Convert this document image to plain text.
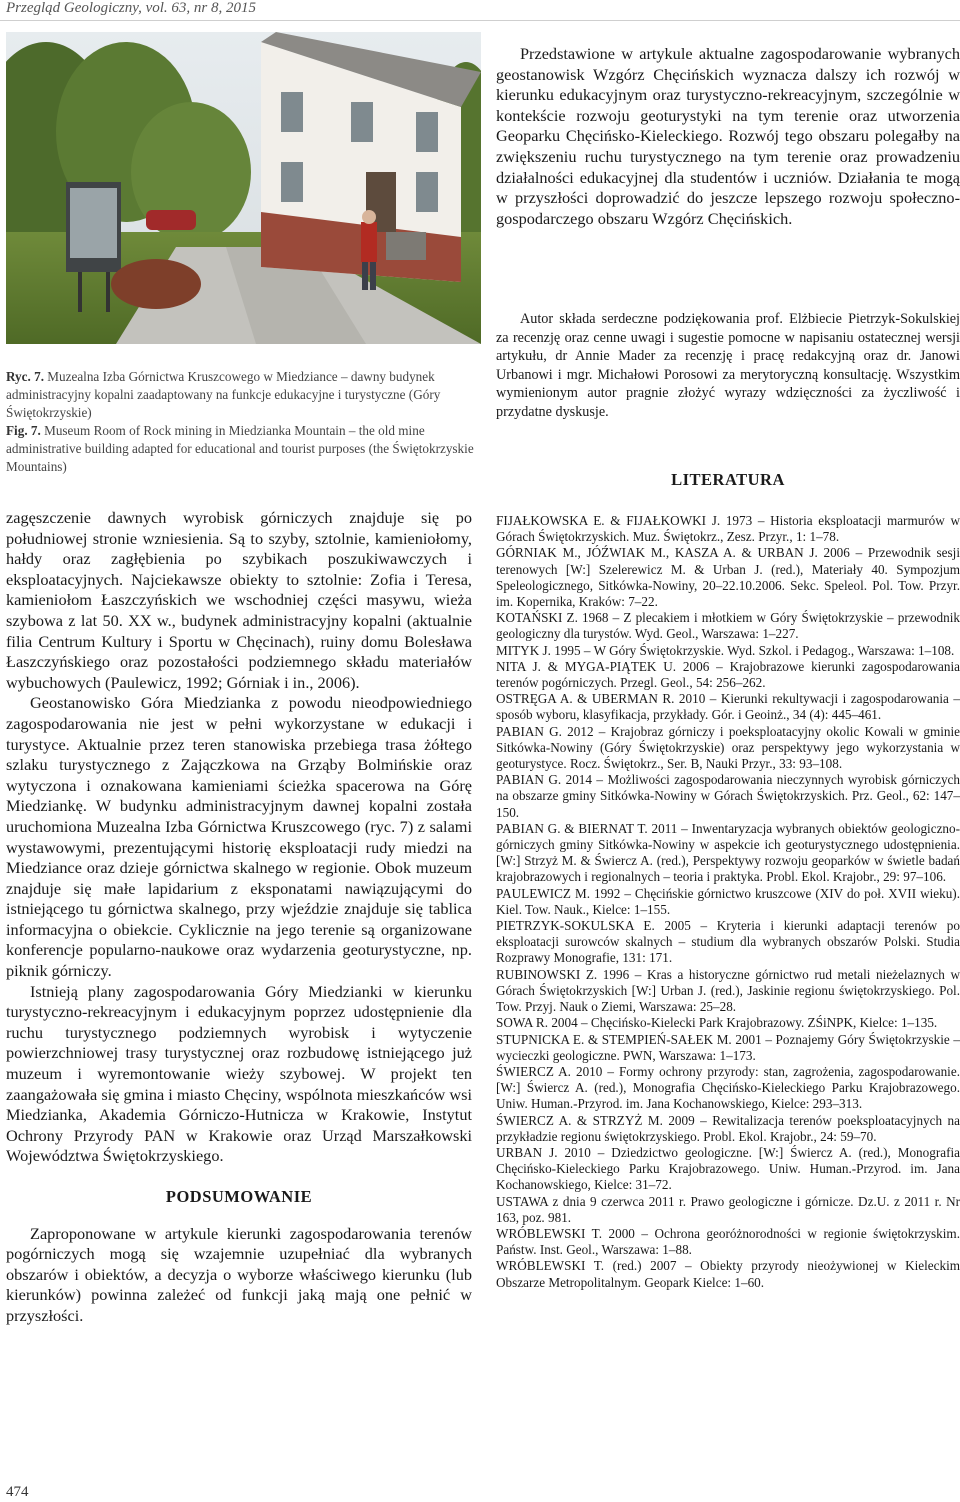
Przegląd Geologiczny, vol. 63, nr 8, 2015

Ryc. 7. Muzealna Izba Górnictwa Kruszcowego w Miedziance – dawny budynek administracyjny kopalni zaadaptowany na funkcje edukacyjne i turystyczne (Góry Świętokrzyskie)

Fig. 7. Museum Room of Rock mining in Miedzianka Mountain – the old mine administrative building adapted for educational and tourist purposes (the Świętokrzyskie Mountains)

zagęszczenie dawnych wyrobisk górniczych znajduje się po południowej stronie wzniesienia. Są to szyby, sztolnie, kamieniołomy, hałdy oraz zagłębienia po szybikach poszukiwawczych i eksploatacyjnych. Najciekawsze obiekty to sztolnie: Zofia i Teresa, kamieniołom Łaszczyńskich we wschodniej części masywu, wieża szybowa z lat 50. XX w., budynek administracyjny kopalni (aktualnie filia Centrum Kultury i Sportu w Chęcinach), ruiny domu Bolesława Łaszczyńskiego oraz pozostałości podziemnego składu materiałów wybuchowych (Paulewicz, 1992; Górniak i in., 2006).

Geostanowisko Góra Miedzianka z powodu nieodpowiedniego zagospodarowania nie jest w pełni wykorzystane w edukacji i turystyce. Aktualnie przez teren stanowiska przebiega trasa żółtego szlaku turystycznego z Zajączkowa na Grząby Bolmińskie oraz wytyczona i oznakowana kamieniami ścieżka spacerowa na Górę Miedziankę. W budynku administracyjnym dawnej kopalni została uruchomiona Muzealna Izba Górnictwa Kruszcowego (ryc. 7) z salami wystawowymi, prezentującymi historię eksploatacji rudy miedzi na Miedziance oraz dzieje górnictwa skalnego w regionie. Obok muzeum znajduje się małe lapidarium z eksponatami nawiązującymi do istniejącego tu górnictwa skalnego, przy wjeździe znajduje się tablica informacyjna o obiekcie. Cyklicznie na jego terenie są organizowane konferencje popularno-naukowe oraz wydarzenia geoturystyczne, np. piknik górniczy.

Istnieją plany zagospodarowania Góry Miedzianki w kierunku turystyczno-rekreacyjnym i edukacyjnym poprzez udostępnienie dla ruchu turystycznego podziemnych wyrobisk i wytyczenie powierzchniowej trasy turystycznej oraz rozbudowę istniejącego już muzeum i wyremontowanie wieży szybowej. W projekt ten zaangażowała się gmina i miasto Chęciny, wspólnota mieszkańców wsi Miedzianka, Akademia Górniczo-Hutnicza w Krakowie, Instytut Ochrony Przyrody PAN w Krakowie oraz Urząd Marszałkowski Województwa Świętokrzyskiego.

PODSUMOWANIE

Zaproponowane w artykule kierunki zagospodarowania terenów pogórniczych mogą się wzajemnie uzupełniać dla wybranych obszarów i obiektów, a decyzja o wyborze właściwego kierunku (lub kierunków) powinna zależeć od funkcji jaką mają one pełnić w przyszłości.

Przedstawione w artykule aktualne zagospodarowanie wybranych geostanowisk Wzgórz Chęcińskich wyznacza dalszy ich rozwój w kierunku edukacyjnym oraz turystyczno-rekreacyjnym, szczególnie w kontekście rozwoju geoturystyki na tym terenie oraz utworzenia Geoparku Chęcińsko-Kieleckiego. Rozwój tego obszaru polegałby na zwiększeniu ruchu turystycznego na tym terenie oraz prowadzeniu działalności edukacyjnej dla studentów i uczniów. Działania te mogą w przyszłości doprowadzić do jeszcze lepszego rozwoju społeczno-gospodarczego obszaru Wzgórz Chęcińskich.

Autor składa serdeczne podziękowania prof. Elżbiecie Pietrzyk-Sokulskiej za recenzję oraz cenne uwagi i sugestie pomocne w napisaniu ostatecznej wersji artykułu, dr Annie Mader za recenzję i pracę redakcyjną oraz dr. Janowi Urbanowi i mgr. Michałowi Porosowi za merytoryczną konsultację. Wszystkim wymienionym autor pragnie złożyć wyrazy wdzięczności za życzliwość i przydatne dyskusje.

LITERATURA

FIJAŁKOWSKA E. & FIJAŁKOWKI J. 1973 – Historia eksploatacji marmurów w Górach Świętokrzyskich. Muz. Świętokrz., Zesz. Przyr., 1: 1–78.

GÓRNIAK M., JÓŹWIAK M., KASZA A. & URBAN J. 2006 – Przewodnik sesji terenowych [W:] Szelerewicz M. & Urban J. (red.), Materiały 40. Sympozjum Speleologicznego, Sitkówka-Nowiny, 20–22.10.2006. Sekc. Speleol. Pol. Tow. Przyr. im. Kopernika, Kraków: 7–22.

KOTAŃSKI Z. 1968 – Z plecakiem i młotkiem w Góry Świętokrzyskie – przewodnik geologiczny dla turystów. Wyd. Geol., Warszawa: 1–227.

MITYK J. 1995 – W Góry Świętokrzyskie. Wyd. Szkol. i Pedagog., Warszawa: 1–108.

NITA J. & MYGA-PIĄTEK U. 2006 – Krajobrazowe kierunki zagospodarowania terenów pogórniczych. Przegl. Geol., 54: 256–262.

OSTRĘGA A. & UBERMAN R. 2010 – Kierunki rekultywacji i zagospodarowania – sposób wyboru, klasyfikacja, przykłady. Gór. i Geoinż., 34 (4): 445–461.

PABIAN G. 2012 – Krajobraz górniczy i poeksploatacyjny okolic Kowali w gminie Sitkówka-Nowiny (Góry Świętokrzyskie) oraz perspektywy jego wykorzystania w geoturystyce. Rocz. Świętokrz., Ser. B, Nauki Przyr., 33: 93–108.

PABIAN G. 2014 – Możliwości zagospodarowania nieczynnych wyrobisk górniczych na obszarze gminy Sitkówka-Nowiny w Górach Świętokrzyskich. Prz. Geol., 62: 147–150.

PABIAN G. & BIERNAT T. 2011 – Inwentaryzacja wybranych obiektów geologiczno-górniczych gminy Sitkówka-Nowiny w aspekcie ich geoturystycznego udostępnienia. [W:] Strzyż M. & Świercz A. (red.), Perspektywy rozwoju geoparków w świetle badań krajobrazowych i regionalnych – teoria i praktyka. Probl. Ekol. Krajobr., 29: 97–106.

PAULEWICZ M. 1992 – Chęcińskie górnictwo kruszcowe (XIV do poł. XVII wieku). Kiel. Tow. Nauk., Kielce: 1–155.

PIETRZYK-SOKULSKA E. 2005 – Kryteria i kierunki adaptacji terenów po eksploatacji surowców skalnych – studium dla wybranych obszarów Polski. Studia Rozprawy Monografie, 131: 171.

RUBINOWSKI Z. 1996 – Kras a historyczne górnictwo rud metali nieżelaznych w Górach Świętokrzyskich [W:] Urban J. (red.), Jaskinie regionu świętokrzyskiego. Pol. Tow. Przyj. Nauk o Ziemi, Warszawa: 25–28.

SOWA R. 2004 – Chęcińsko-Kielecki Park Krajobrazowy. ZŚiNPK, Kielce: 1–135.

STUPNICKA E. & STEMPIEŃ-SAŁEK M. 2001 – Poznajemy Góry Świętokrzyskie – wycieczki geologiczne. PWN, Warszawa: 1–173.

ŚWIERCZ A. 2010 – Formy ochrony przyrody: stan, zagrożenia, zagospodarowanie. [W:] Świercz A. (red.), Monografia Chęcińsko-Kieleckiego Parku Krajobrazowego. Uniw. Human.-Przyrod. im. Jana Kochanowskiego, Kielce: 293–313.

ŚWIERCZ A. & STRZYŻ M. 2009 – Rewitalizacja terenów poeksploatacyjnych na przykładzie regionu świętokrzyskiego. Probl. Ekol. Krajobr., 24: 59–70.

URBAN J. 2010 – Dziedzictwo geologiczne. [W:] Świercz A. (red.), Monografia Chęcińsko-Kieleckiego Parku Krajobrazowego. Uniw. Human.-Przyrod. im. Jana Kochanowskiego, Kielce: 31–72.

USTAWA z dnia 9 czerwca 2011 r. Prawo geologiczne i górnicze. Dz.U. z 2011 r. Nr 163, poz. 981.

WRÓBLEWSKI T. 2000 – Ochrona georóżnorodności w regionie świętokrzyskim. Państw. Inst. Geol., Warszawa: 1–88.

WRÓBLEWSKI T. (red.) 2007 – Obiekty przyrody nieożywionej w Kieleckim Obszarze Metropolitalnym. Geopark Kielce: 1–60.

474
